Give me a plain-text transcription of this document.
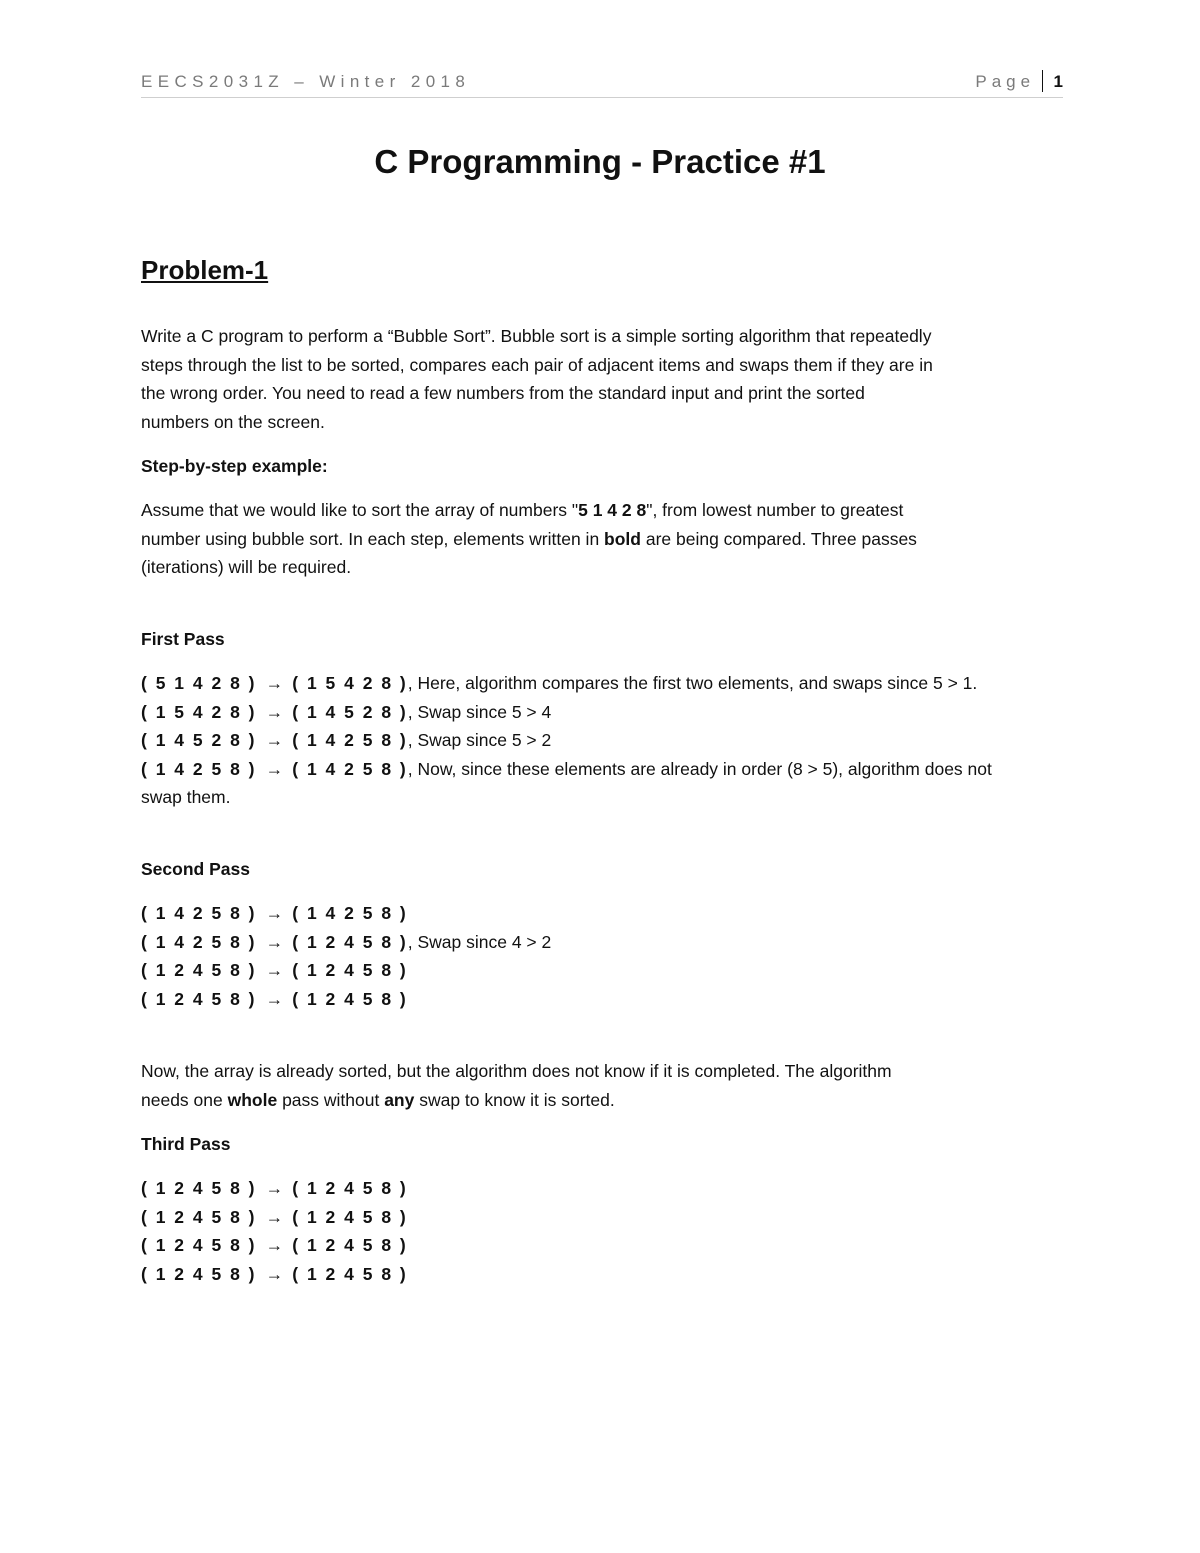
EECS2031Z – Winter 2018	Page 1
C Programming - Practice #1
Problem-1
Write a C program to perform a “Bubble Sort”. Bubble sort is a simple sorting algorithm that repeatedly
steps through the list to be sorted, compares each pair of adjacent items and swaps them if they are in
the wrong order. You need to read a few numbers from the standard input and print the sorted
numbers on the screen.
Step-by-step example:
Assume that we would like to sort the array of numbers "5 1 4 2 8", from lowest number to greatest
number using bubble sort. In each step, elements written in bold are being compared. Three passes
(iterations) will be required.
First Pass
( 5 1 4 2 8 ) → ( 1 5 4 2 8 ), Here, algorithm compares the first two elements, and swaps since 5 > 1.
( 1 5 4 2 8 ) → ( 1 4 5 2 8 ), Swap since 5 > 4
( 1 4 5 2 8 ) → ( 1 4 2 5 8 ), Swap since 5 > 2
( 1 4 2 5 8 ) → ( 1 4 2 5 8 ), Now, since these elements are already in order (8 > 5), algorithm does not
swap them.
Second Pass
( 1 4 2 5 8 ) → ( 1 4 2 5 8 )
( 1 4 2 5 8 ) → ( 1 2 4 5 8 ), Swap since 4 > 2
( 1 2 4 5 8 ) → ( 1 2 4 5 8 )
( 1 2 4 5 8 ) → ( 1 2 4 5 8 )
Now, the array is already sorted, but the algorithm does not know if it is completed. The algorithm
needs one whole pass without any swap to know it is sorted.
Third Pass
( 1 2 4 5 8 ) → ( 1 2 4 5 8 )
( 1 2 4 5 8 ) → ( 1 2 4 5 8 )
( 1 2 4 5 8 ) → ( 1 2 4 5 8 )
( 1 2 4 5 8 ) → ( 1 2 4 5 8 )
